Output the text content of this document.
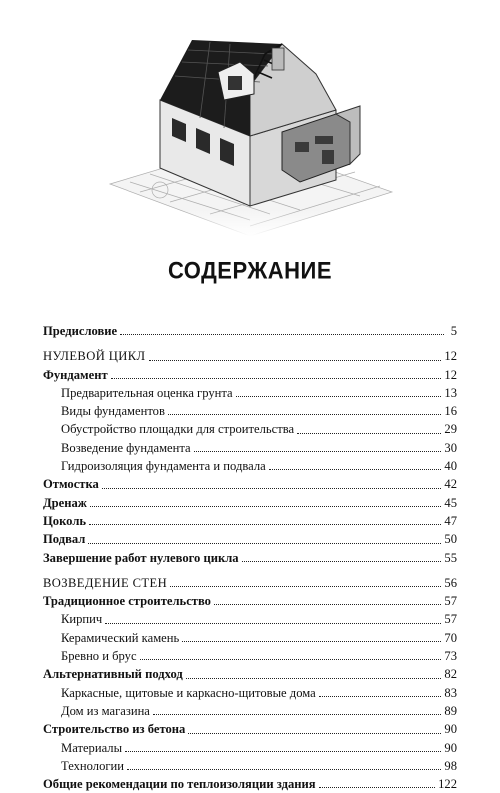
СОДЕРЖАНИЕ
Предисловие	5
НУЛЕВОЙ ЦИКЛ	12
Фундамент	12
Предварительная оценка грунта	13
Виды фундаментов	16
Обустройство площадки для строительства	29
Возведение фундамента	30
Гидроизоляция фундамента и подвала	40
Отмостка	42
Дренаж	45
Цоколь	47
Подвал	50
Завершение работ нулевого цикла	55
ВОЗВЕДЕНИЕ СТЕН	56
Традиционное строительство	57
Кирпич	57
Керамический камень	70
Бревно и брус	73
Альтернативный подход	82
Каркасные, щитовые и каркасно-щитовые дома	83
Дом из магазина	89
Строительство из бетона	90
Материалы	90
Технологии	98
Общие рекомендации по теплоизоляции здания	122
